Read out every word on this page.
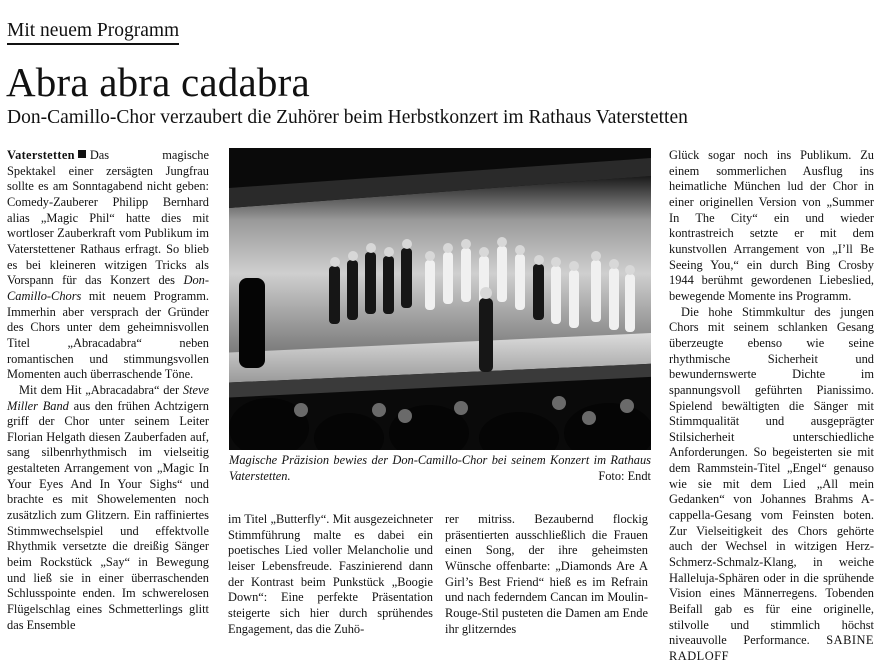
Mit neuem Programm
Abra abra cadabra
Don-Camillo-Chor verzaubert die Zuhörer beim Herbstkonzert im Rathaus Vaterstetten

Vaterstetten Das magische Spektakel einer zersägten Jungfrau sollte es am Sonntagabend nicht geben: Comedy-Zauberer Philipp Bernhard alias „Magic Phil“ hatte dies mit wortloser Zauberkraft vom Publikum im Vaterstettener Rathaus erfragt. So blieb es bei kleineren witzigen Tricks als Vorspann für das Konzert des Don-Camillo-Chors mit neuem Programm. Immerhin aber versprach der Gründer des Chors unter dem geheimnisvollen Titel „Abracadabra“ neben romantischen und stimmungsvollen Momenten auch überraschende Töne.

Mit dem Hit „Abracadabra“ der Steve Miller Band aus den frühen Achtzigern griff der Chor unter seinem Leiter Florian Helgath diesen Zauberfaden auf, sang silbenrhythmisch im vielseitig gestalteten Arrangement von „Magic In Your Eyes And In Your Sighs“ und brachte es mit Showelementen noch zusätzlich zum Glitzern. Ein raffiniertes Stimmwechselspiel und effektvolle Rhythmik versetzte die dreißig Sänger beim Rockstück „Say“ in Bewegung und ließ sie in einer überraschenden Schlusspointe enden. Im schwerelosen Flügelschlag eines Schmetterlings glitt das Ensemble

Magische Präzision bewies der Don-Camillo-Chor bei seinem Konzert im Rathaus Vaterstetten.	Foto: Endt

im Titel „Butterfly“. Mit ausgezeichneter Stimmführung malte es dabei ein poetisches Lied voller Melancholie und leiser Lebensfreude. Faszinierend dann der Kontrast beim Punkstück „Boogie Down“: Eine perfekte Präsentation steigerte sich hier durch sprühendes Engagement, das die Zuhö-

rer mitriss. Bezaubernd flockig präsentierten ausschließlich die Frauen einen Song, der ihre geheimsten Wünsche offenbarte: „Diamonds Are A Girl’s Best Friend“ hieß es im Refrain und nach federndem Cancan im Moulin-Rouge-Stil pusteten die Damen am Ende ihr glitzerndes

Glück sogar noch ins Publikum. Zu einem sommerlichen Ausflug ins heimatliche München lud der Chor in einer originellen Version von „Summer In The City“ ein und wieder kontrastreich setzte er mit dem kunstvollen Arrangement von „I’ll Be Seeing You,“ ein durch Bing Crosby 1944 berühmt gewordenen Liebeslied, bewegende Momente ins Programm.

Die hohe Stimmkultur des jungen Chors mit seinem schlanken Gesang überzeugte ebenso wie seine rhythmische Sicherheit und bewundernswerte Dichte im spannungsvoll geführten Pianissimo. Spielend bewältigten die Sänger mit Stimmqualität und ausgeprägter Stilsicherheit unterschiedliche Anforderungen. So begeisterten sie mit dem Rammstein-Titel „Engel“ genauso wie sie mit dem Lied „All mein Gedanken“ von Johannes Brahms A-cappella-Gesang vom Feinsten boten. Zur Vielseitigkeit des Chors gehörte auch der Wechsel in witzigen Herz-Schmerz-Schmalz-Klang, in weiche Halleluja-Sphären oder in die sprühende Vision eines Männerregens. Tobenden Beifall gab es für eine originelle, stilvolle und stimmlich höchst niveauvolle Performance. SABINE RADLOFF
